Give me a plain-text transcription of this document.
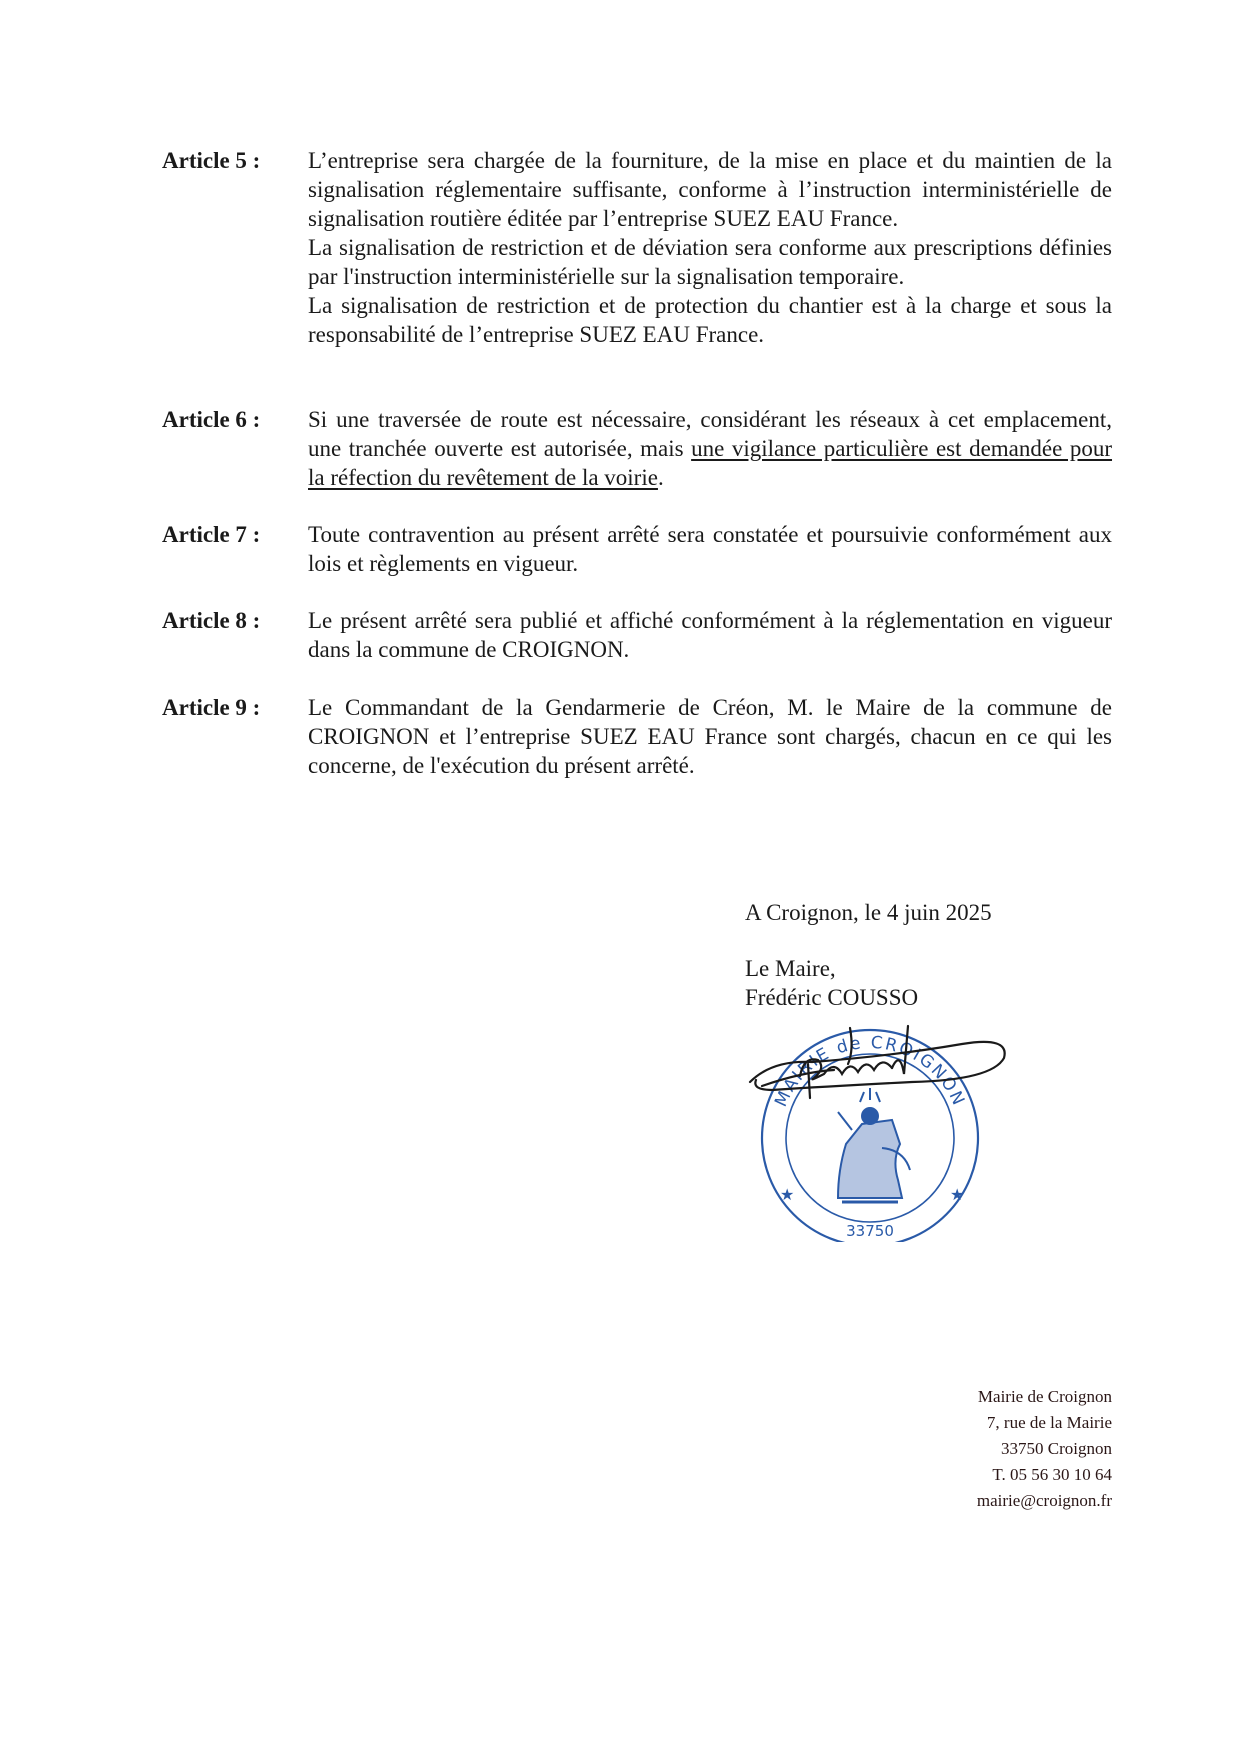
Article 5 :	L’entreprise sera chargée de la fourniture, de la mise en place et du maintien de la signalisation réglementaire suffisante, conforme à l’instruction interministérielle de signalisation routière éditée par l’entreprise SUEZ EAU France.

La signalisation de restriction et de déviation sera conforme aux prescriptions définies par l'instruction interministérielle sur la signalisation temporaire.

La signalisation de restriction et de protection du chantier est à la charge et sous la responsabilité de l’entreprise SUEZ EAU France.

Article 6 :	Si une traversée de route est nécessaire, considérant les réseaux à cet emplacement, une tranchée ouverte est autorisée, mais une vigilance particulière est demandée pour la réfection du revêtement de la voirie.

Article 7 :	Toute contravention au présent arrêté sera constatée et poursuivie conformément aux lois et règlements en vigueur.

Article 8 :	Le présent arrêté sera publié et affiché conformément à la réglementation en vigueur dans la commune de CROIGNON.

Article 9 :	Le Commandant de la Gendarmerie de Créon, M. le Maire de la commune de CROIGNON et l’entreprise SUEZ EAU France sont chargés, chacun en ce qui les concerne, de l'exécution du présent arrêté.

A Croignon, le 4 juin 2025
Le Maire,
Frédéric COUSSO
MAIRIE de CROIGNON
33750
★	★
Mairie de Croignon
7, rue de la Mairie
33750 Croignon
T. 05 56 30 10 64
mairie@croignon.fr
